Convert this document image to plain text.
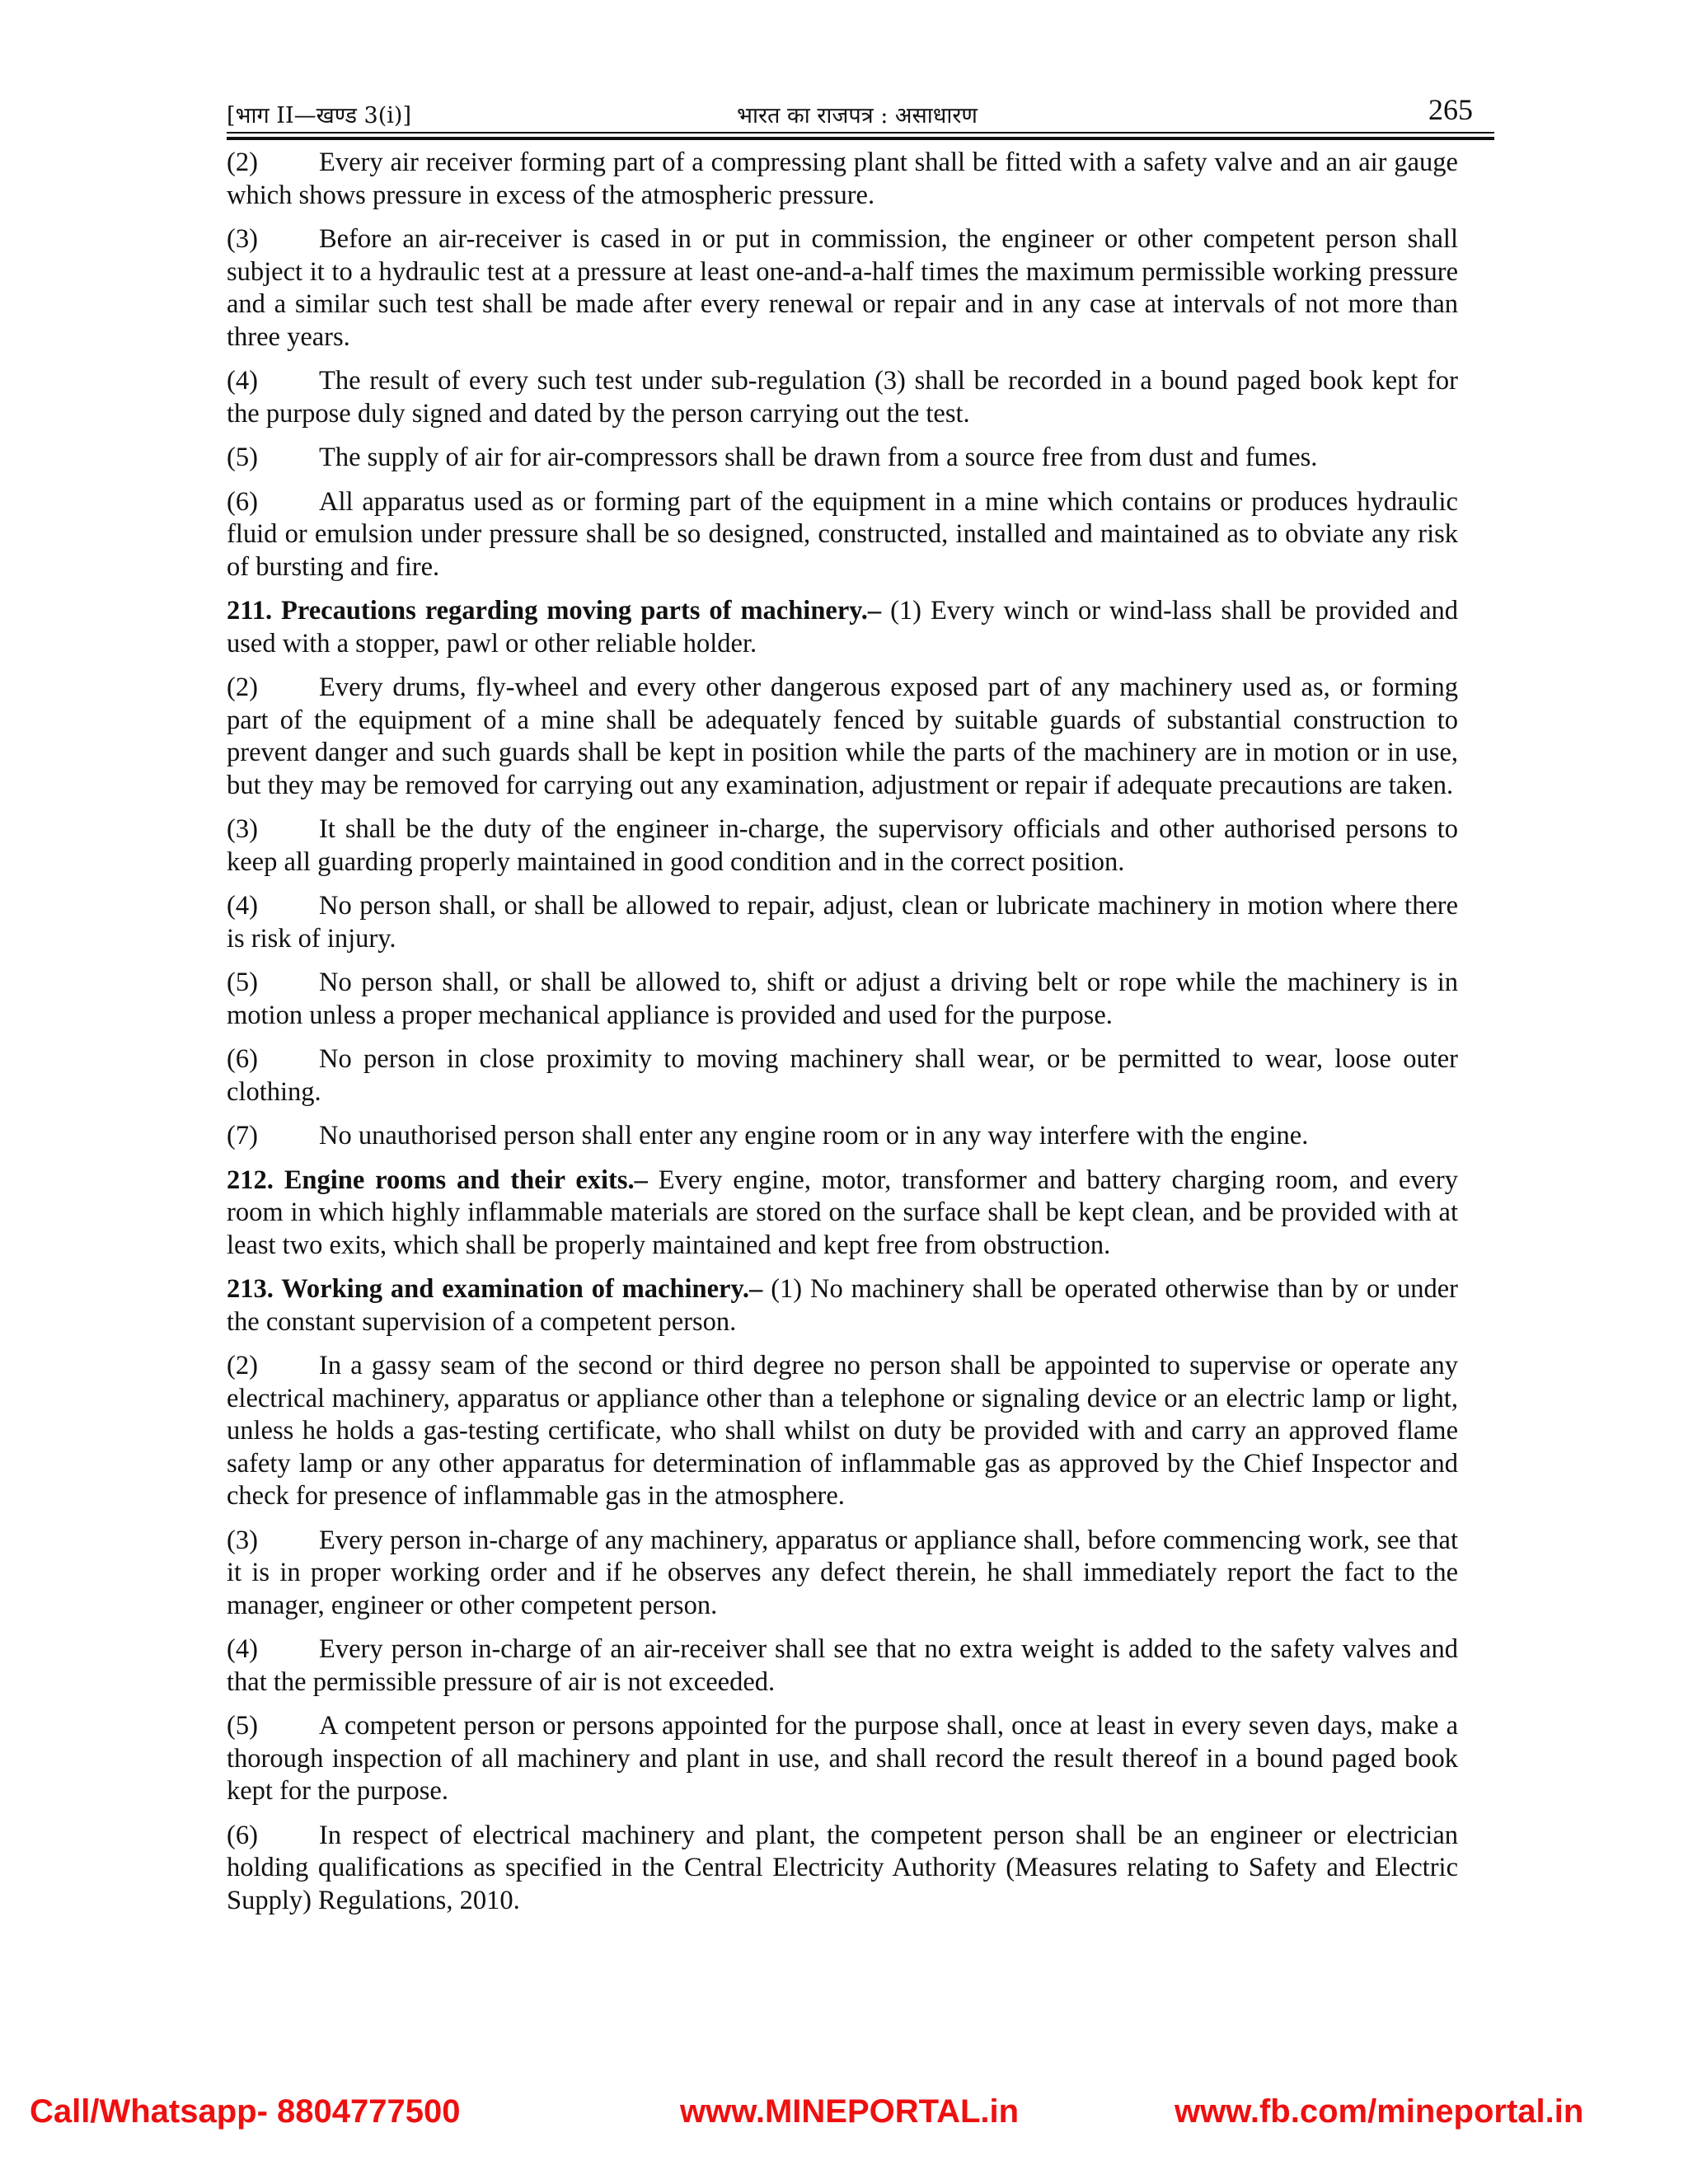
[भाग II—खण्ड 3(i)]	भारत का राजपत्र : असाधारण	265

(2) Every air receiver forming part of a compressing plant shall be fitted with a safety valve and an air gauge which shows pressure in excess of the atmospheric pressure.

(3) Before an air-receiver is cased in or put in commission, the engineer or other competent person shall subject it to a hydraulic test at a pressure at least one-and-a-half times the maximum permissible working pressure and a similar such test shall be made after every renewal or repair and in any case at intervals of not more than three years.

(4) The result of every such test under sub-regulation (3) shall be recorded in a bound paged book kept for the purpose duly signed and dated by the person carrying out the test.

(5) The supply of air for air-compressors shall be drawn from a source free from dust and fumes.

(6) All apparatus used as or forming part of the equipment in a mine which contains or produces hydraulic fluid or emulsion under pressure shall be so designed, constructed, installed and maintained as to obviate any risk of bursting and fire.

211. Precautions regarding moving parts of machinery.– (1) Every winch or wind-lass shall be provided and used with a stopper, pawl or other reliable holder.

(2) Every drums, fly-wheel and every other dangerous exposed part of any machinery used as, or forming part of the equipment of a mine shall be adequately fenced by suitable guards of substantial construction to prevent danger and such guards shall be kept in position while the parts of the machinery are in motion or in use, but they may be removed for carrying out any examination, adjustment or repair if adequate precautions are taken.

(3) It shall be the duty of the engineer in-charge, the supervisory officials and other authorised persons to keep all guarding properly maintained in good condition and in the correct position.

(4) No person shall, or shall be allowed to repair, adjust, clean or lubricate machinery in motion where there is risk of injury.

(5) No person shall, or shall be allowed to, shift or adjust a driving belt or rope while the machinery is in motion unless a proper mechanical appliance is provided and used for the purpose.

(6) No person in close proximity to moving machinery shall wear, or be permitted to wear, loose outer clothing.

(7) No unauthorised person shall enter any engine room or in any way interfere with the engine.

212. Engine rooms and their exits.– Every engine, motor, transformer and battery charging room, and every room in which highly inflammable materials are stored on the surface shall be kept clean, and be provided with at least two exits, which shall be properly maintained and kept free from obstruction.

213. Working and examination of machinery.– (1) No machinery shall be operated otherwise than by or under the constant supervision of a competent person.

(2) In a gassy seam of the second or third degree no person shall be appointed to supervise or operate any electrical machinery, apparatus or appliance other than a telephone or signaling device or an electric lamp or light, unless he holds a gas-testing certificate, who shall whilst on duty be provided with and carry an approved flame safety lamp or any other apparatus for determination of inflammable gas as approved by the Chief Inspector and check for presence of inflammable gas in the atmosphere.

(3) Every person in-charge of any machinery, apparatus or appliance shall, before commencing work, see that it is in proper working order and if he observes any defect therein, he shall immediately report the fact to the manager, engineer or other competent person.

(4) Every person in-charge of an air-receiver shall see that no extra weight is added to the safety valves and that the permissible pressure of air is not exceeded.

(5) A competent person or persons appointed for the purpose shall, once at least in every seven days, make a thorough inspection of all machinery and plant in use, and shall record the result thereof in a bound paged book kept for the purpose.

(6) In respect of electrical machinery and plant, the competent person shall be an engineer or electrician holding qualifications as specified in the Central Electricity Authority (Measures relating to Safety and Electric Supply) Regulations, 2010.

Call/Whatsapp- 8804777500	www.MINEPORTAL.in	www.fb.com/mineportal.in
